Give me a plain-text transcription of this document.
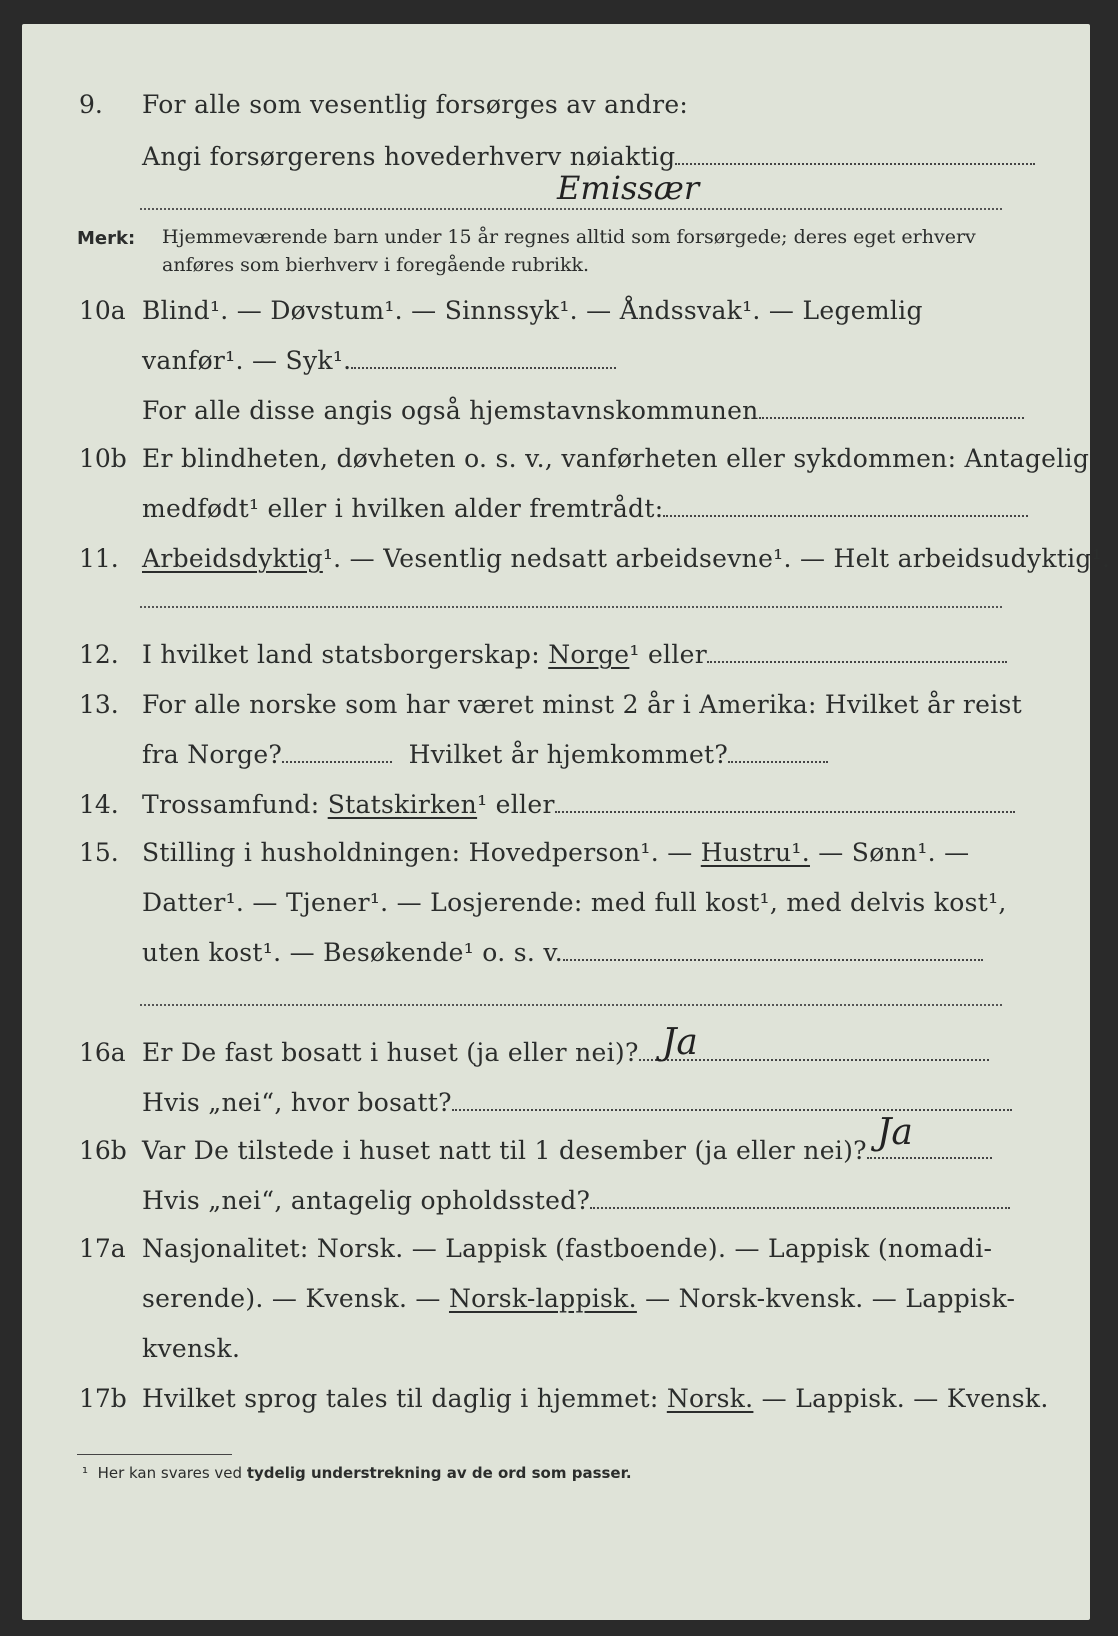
9. For alle som vesentlig forsørges av andre:
Angi forsørgerens hovederhverv nøiaktig
Emissær
Merk: Hjemmeværende barn under 15 år regnes alltid som forsørgede; deres eget erhverv
anføres som bierhverv i foregående rubrikk.
10a Blind¹. — Døvstum¹. — Sinnssyk¹. — Åndssvak¹. — Legemlig
vanfør¹. — Syk¹.
For alle disse angis også hjemstavnskommunen
10b Er blindheten, døvheten o. s. v., vanførheten eller sykdommen: Antagelig
medfødt¹ eller i hvilken alder fremtrådt:
11. Arbeidsdyktig¹. — Vesentlig nedsatt arbeidsevne¹. — Helt arbeidsudyktig¹.
12. I hvilket land statsborgerskap: Norge¹ eller
13. For alle norske som har været minst 2 år i Amerika: Hvilket år reist
fra Norge?	Hvilket år hjemkommet?
14. Trossamfund: Statskirken¹ eller
15. Stilling i husholdningen: Hovedperson¹. — Hustru¹. — Sønn¹. —
Datter¹. — Tjener¹. — Losjerende: med full kost¹, med delvis kost¹,
uten kost¹. — Besøkende¹ o. s. v.
16a Er De fast bosatt i huset (ja eller nei)? Ja
Hvis „nei“, hvor bosatt?
16b Var De tilstede i huset natt til 1 desember (ja eller nei)? Ja
Hvis „nei“, antagelig opholdssted?
17a Nasjonalitet: Norsk. — Lappisk (fastboende). — Lappisk (nomadi-
serende). — Kvensk. — Norsk-lappisk. — Norsk-kvensk. — Lappisk-
kvensk.
17b Hvilket sprog tales til daglig i hjemmet: Norsk. — Lappisk. — Kvensk.
¹ Her kan svares ved tydelig understrekning av de ord som passer.
